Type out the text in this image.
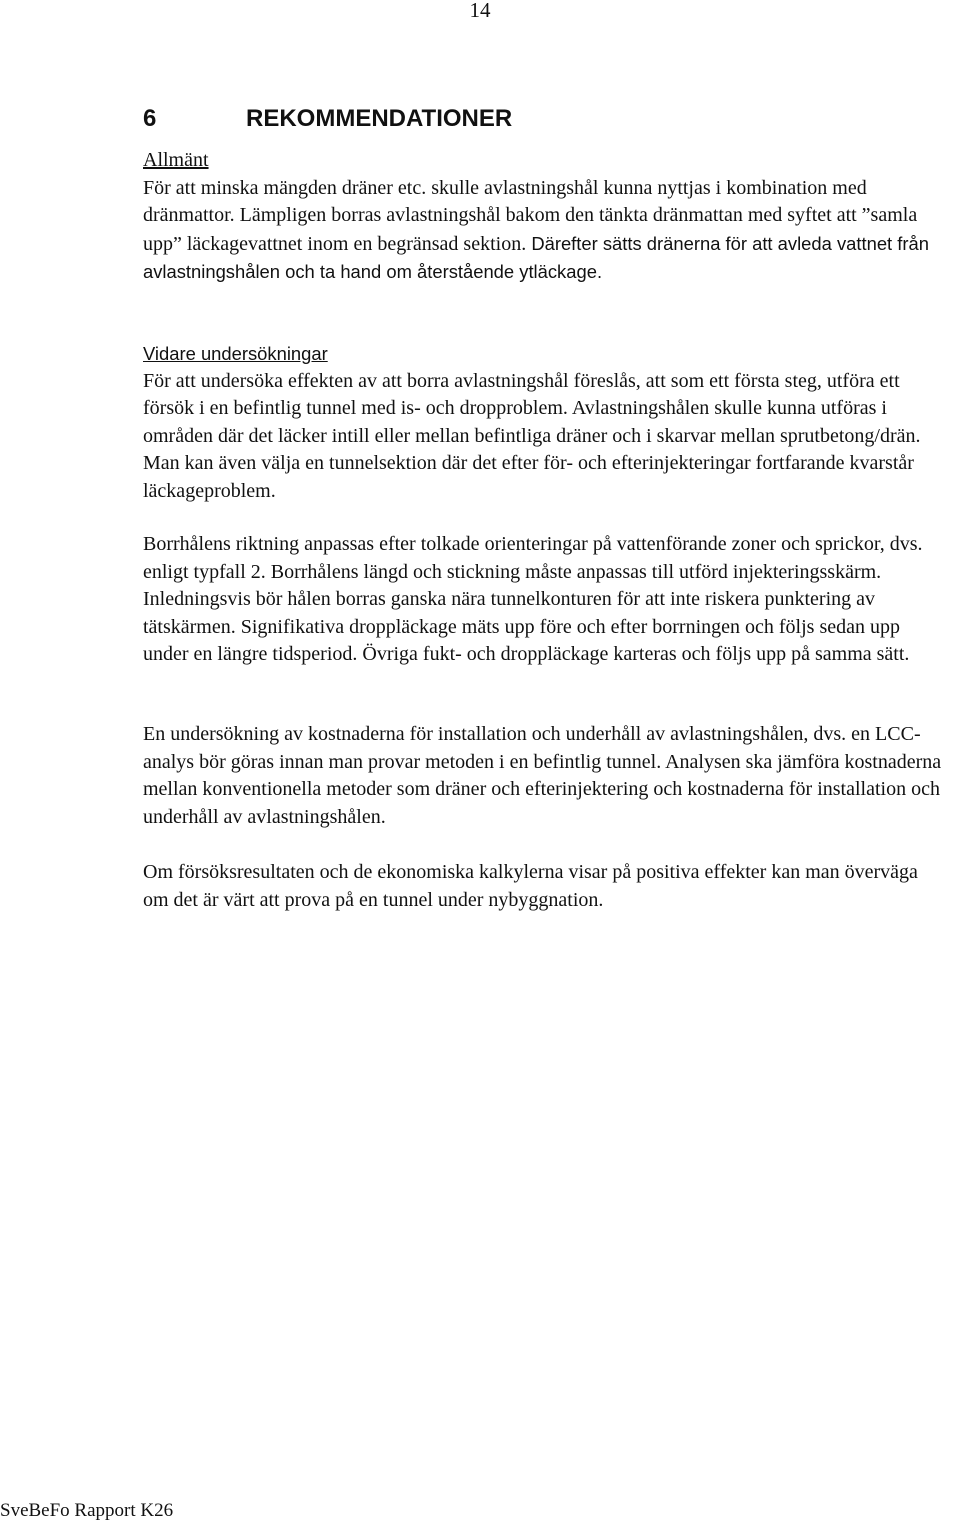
14
6	REKOMMENDATIONER

Allmänt

För att minska mängden dräner etc. skulle avlastningshål kunna nyttjas i kombination med dränmattor. Lämpligen borras avlastningshål bakom den tänkta dränmattan med syftet att ”samla upp” läckagevattnet inom en begränsad sektion. Därefter sätts dränerna för att avleda vattnet från avlastningshålen och ta hand om återstående ytläckage.

Vidare undersökningar

För att undersöka effekten av att borra avlastningshål föreslås, att som ett första steg, utföra ett försök i en befintlig tunnel med is- och dropproblem. Avlastningshålen skulle kunna utföras i områden där det läcker intill eller mellan befintliga dräner och i skarvar mellan sprutbetong/drän. Man kan även välja en tunnelsektion där det efter för- och efterinjekteringar fortfarande kvarstår läckageproblem.

Borrhålens riktning anpassas efter tolkade orienteringar på vattenförande zoner och sprickor, dvs. enligt typfall 2. Borrhålens längd och stickning måste anpassas till utförd injekteringsskärm. Inledningsvis bör hålen borras ganska nära tunnelkonturen för att inte riskera punktering av tätskärmen. Signifikativa droppläckage mäts upp före och efter borrningen och följs sedan upp under en längre tidsperiod. Övriga fukt- och droppläckage karteras och följs upp på samma sätt.

En undersökning av kostnaderna för installation och underhåll av avlastningshålen, dvs. en LCC-analys bör göras innan man provar metoden i en befintlig tunnel. Analysen ska jämföra kostnaderna mellan konventionella metoder som dräner och efterinjektering och kostnaderna för installation och underhåll av avlastningshålen.

Om försöksresultaten och de ekonomiska kalkylerna visar på positiva effekter kan man överväga om det är värt att prova på en tunnel under nybyggnation.

SveBeFo Rapport K26
